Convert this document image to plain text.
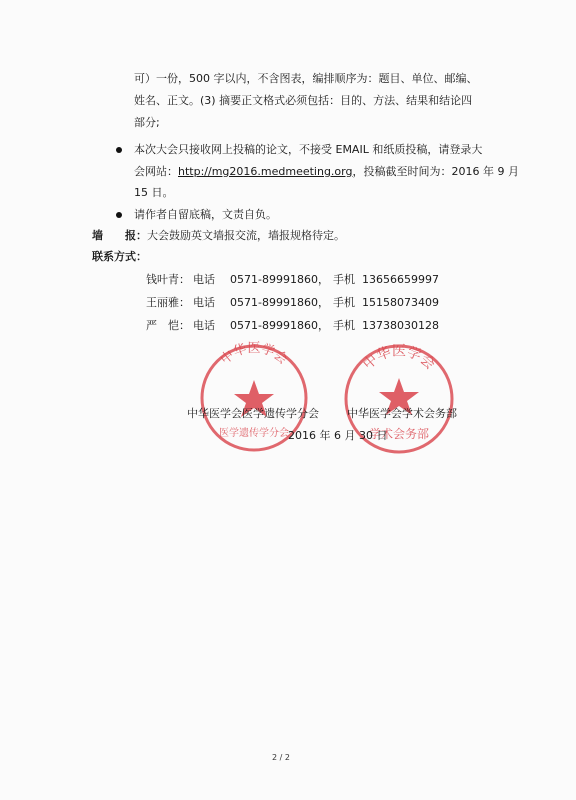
可）一份，500 字以内，不含图表，编排顺序为：题目、单位、邮编、
姓名、正文。(3) 摘要正文格式必须包括：目的、方法、结果和结论四
部分;
本次大会只接收网上投稿的论文，不接受 EMAIL 和纸质投稿，请登录大
会网站：http://mg2016.medmeeting.org，投稿截至时间为：2016 年 9 月
15 日。
请作者自留底稿，文责自负。
墙　　报：大会鼓励英文墙报交流，墙报规格待定。
联系方式：
钱叶青： 电话 0571-89991860， 手机 13656659997
王丽雅： 电话 0571-89991860， 手机 15158073409
严　恺： 电话 0571-89991860， 手机 13738030128
中华医学会
医学遗传学分会
中华医学会
学术会务部
中华医学会医学遗传学分会	中华医学会学术会务部
2016 年 6 月 30 日
2 / 2
